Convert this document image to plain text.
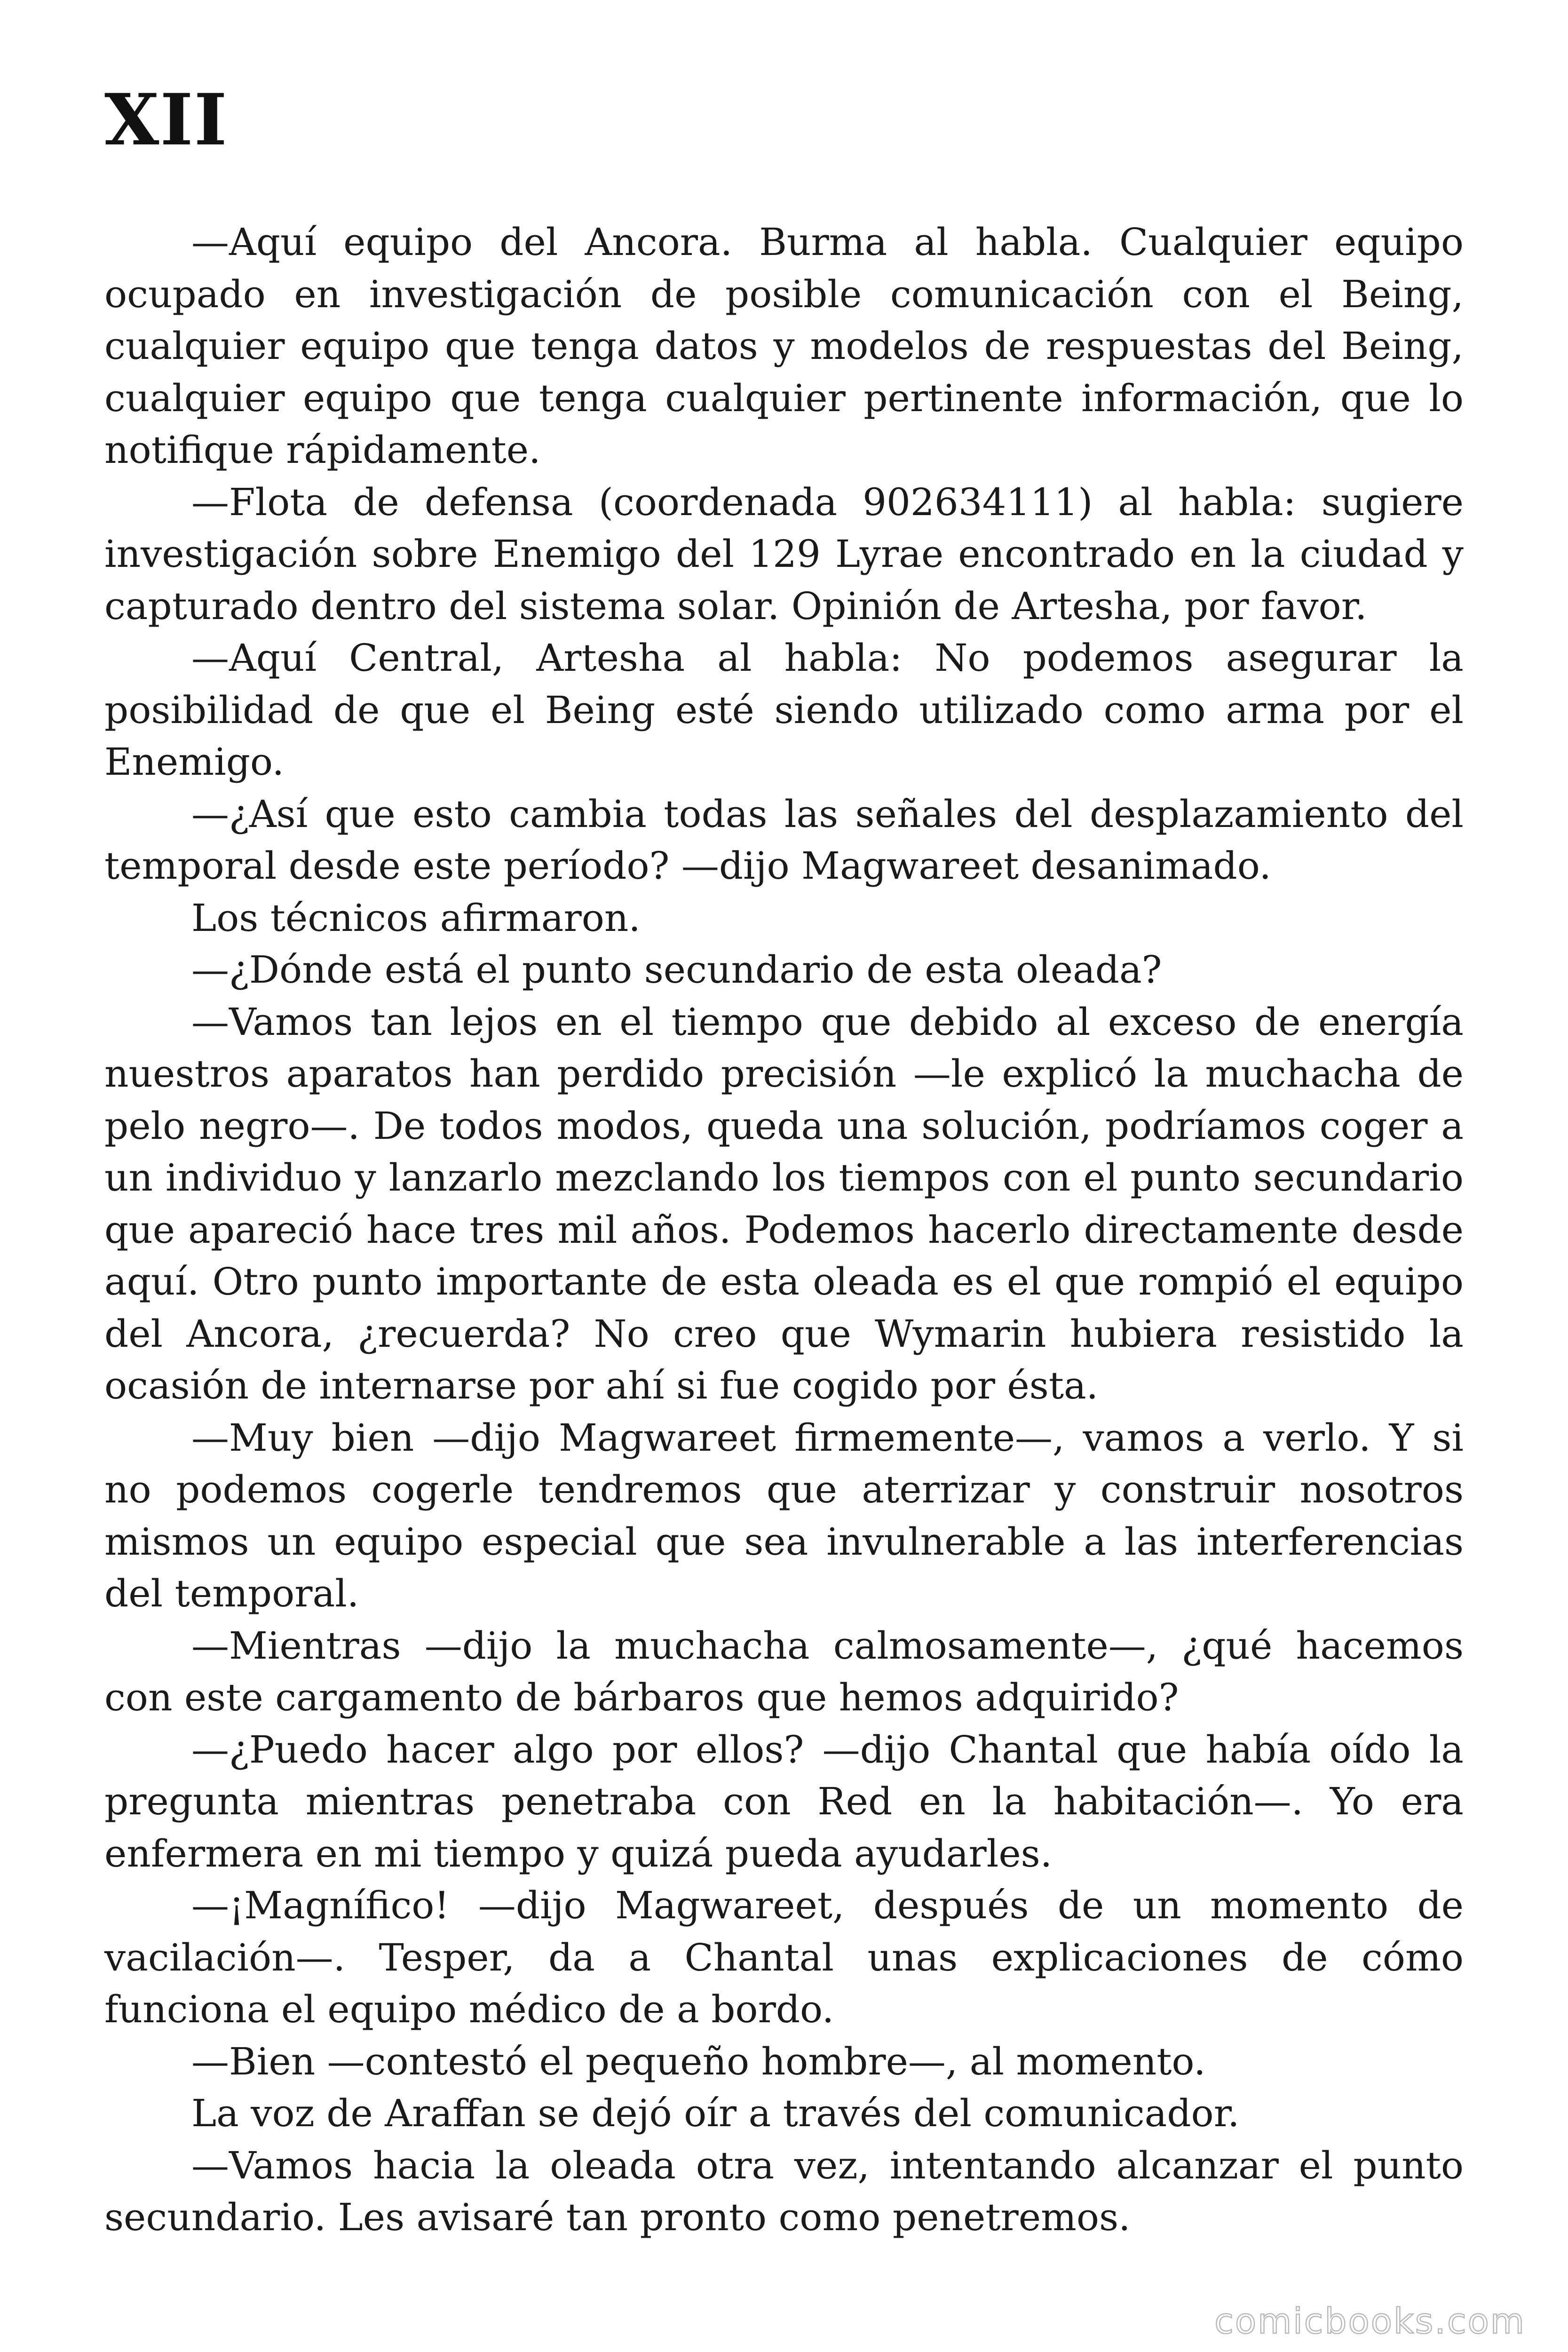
XII

—Aquí equipo del Ancora. Burma al habla. Cualquier equipo ocupado en investigación de posible comunicación con el Being, cualquier equipo que tenga datos y modelos de respuestas del Being, cualquier equipo que tenga cualquier pertinente información, que lo notifique rápidamente.

—Flota de defensa (coordenada 902634111) al habla: sugiere investigación sobre Enemigo del 129 Lyrae encontrado en la ciudad y capturado dentro del sistema solar. Opinión de Artesha, por favor.

—Aquí Central, Artesha al habla: No podemos asegurar la posibilidad de que el Being esté siendo utilizado como arma por el Enemigo.

—¿Así que esto cambia todas las señales del desplazamiento del temporal desde este período? —dijo Magwareet desanimado.

Los técnicos afirmaron.

—¿Dónde está el punto secundario de esta oleada?

—Vamos tan lejos en el tiempo que debido al exceso de energía nuestros aparatos han perdido precisión —le explicó la muchacha de pelo negro—. De todos modos, queda una solución, podríamos coger a un individuo y lanzarlo mezclando los tiempos con el punto secundario que apareció hace tres mil años. Podemos hacerlo directamente desde aquí. Otro punto importante de esta oleada es el que rompió el equipo del Ancora, ¿recuerda? No creo que Wymarin hubiera resistido la ocasión de internarse por ahí si fue cogido por ésta.

—Muy bien —dijo Magwareet firmemente—, vamos a verlo. Y si no podemos cogerle tendremos que aterrizar y construir nosotros mismos un equipo especial que sea invulnerable a las interferencias del temporal.

—Mientras —dijo la muchacha calmosamente—, ¿qué hacemos con este cargamento de bárbaros que hemos adquirido?

—¿Puedo hacer algo por ellos? —dijo Chantal que había oído la pregunta mientras penetraba con Red en la habitación—. Yo era enfermera en mi tiempo y quizá pueda ayudarles.

—¡Magnífico! —dijo Magwareet, después de un momento de vacilación—. Tesper, da a Chantal unas explicaciones de cómo funciona el equipo médico de a bordo.

—Bien —contestó el pequeño hombre—, al momento.

La voz de Araffan se dejó oír a través del comunicador.

—Vamos hacia la oleada otra vez, intentando alcanzar el punto secundario. Les avisaré tan pronto como penetremos.

comicbooks.com
